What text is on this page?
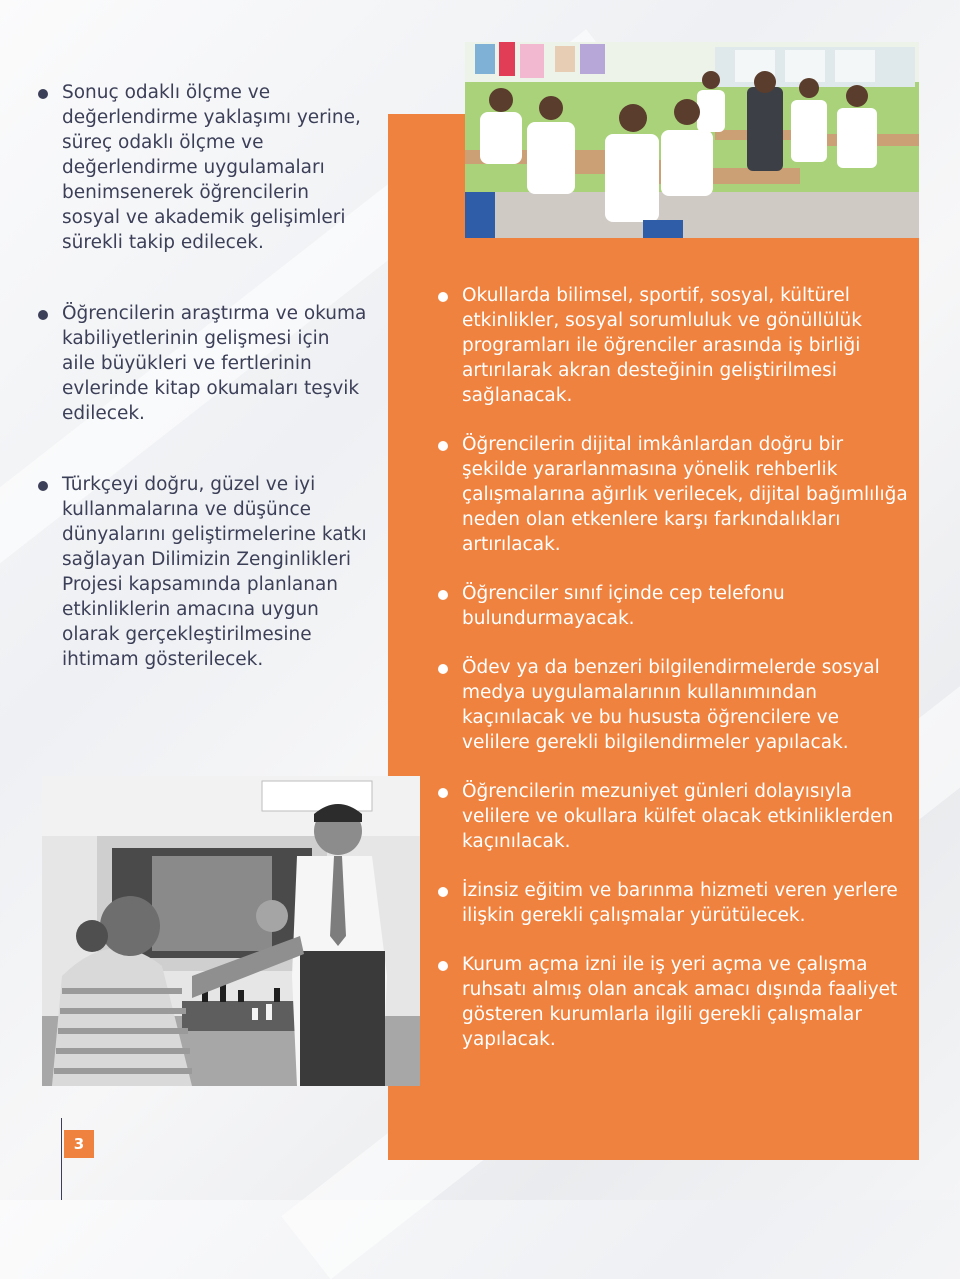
Sonuç odaklı ölçme ve değerlendirme yaklaşımı yerine, süreç odaklı ölçme ve değerlendirme uygulamaları benimsenerek öğrencilerin sosyal ve akademik gelişimleri sürekli takip edilecek.
Öğrencilerin araştırma ve okuma kabiliyetlerinin gelişmesi için aile büyükleri ve fertlerinin evlerinde kitap okumaları teşvik edilecek.
Türkçeyi doğru, güzel ve iyi kullanmalarına ve düşünce dünyalarını geliştirmelerine katkı sağlayan Dilimizin Zenginlikleri Projesi kapsamında planlanan etkinliklerin amacına uygun olarak gerçekleştirilmesine ihtimam gösterilecek.
Okullarda bilimsel, sportif, sosyal, kültürel etkinlikler, sosyal sorumluluk ve gönüllülük programları ile öğrenciler arasında iş birliği artırılarak akran desteğinin geliştirilmesi sağlanacak.
Öğrencilerin dijital imkânlardan doğru bir şekilde yararlanmasına yönelik rehberlik çalışmalarına ağırlık verilecek, dijital bağımlılığa neden olan etkenlere karşı farkındalıkları artırılacak.
Öğrenciler sınıf içinde cep telefonu bulundurmayacak.
Ödev ya da benzeri bilgilendirmelerde sosyal medya uygulamalarının kullanımından kaçınılacak ve bu hususta öğrencilere ve velilere gerekli bilgilendirmeler yapılacak.
Öğrencilerin mezuniyet günleri dolayısıyla velilere ve okullara külfet olacak etkinliklerden kaçınılacak.
İzinsiz eğitim ve barınma hizmeti veren yerlere ilişkin gerekli çalışmalar yürütülecek.
Kurum açma izni ile iş yeri açma ve çalışma ruhsatı almış olan ancak amacı dışında faaliyet gösteren kurumlarla ilgili gerekli çalışmalar yapılacak.
3
